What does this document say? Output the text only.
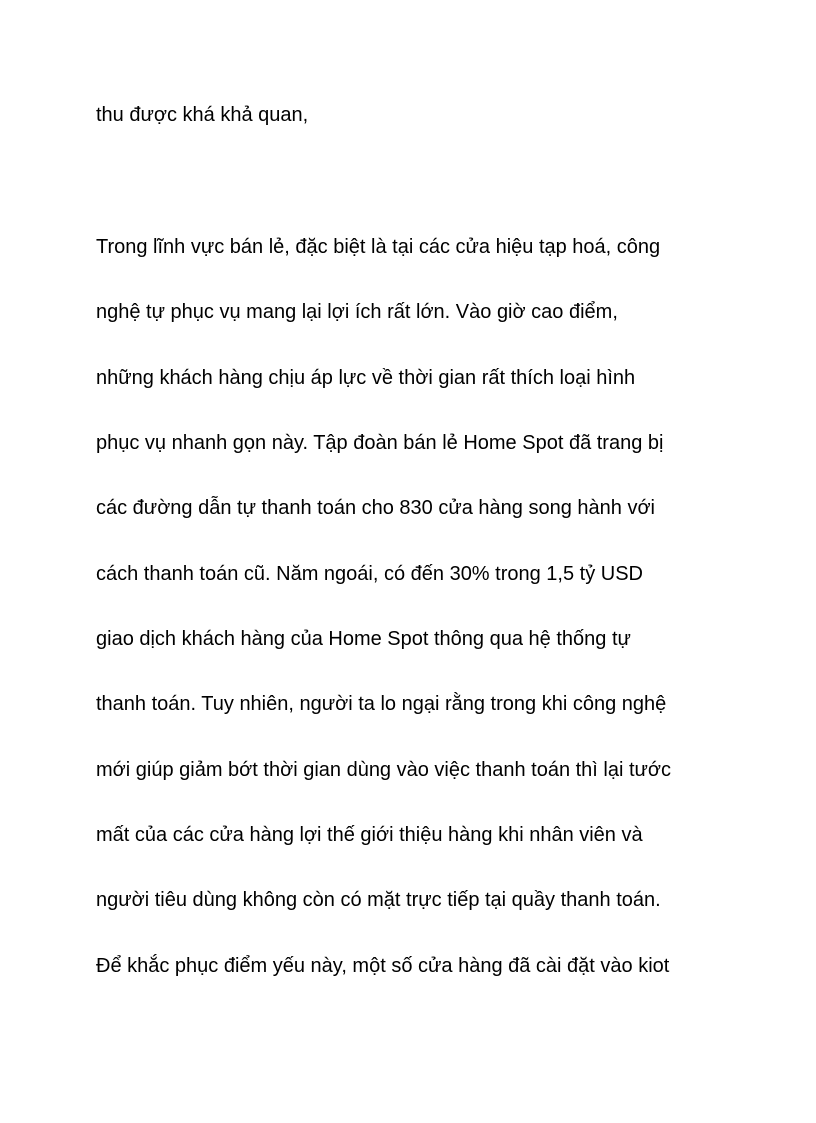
thu được khá khả quan,

Trong lĩnh vực bán lẻ, đặc biệt là tại các cửa hiệu tạp hoá, công

nghệ tự phục vụ mang lại lợi ích rất lớn. Vào giờ cao điểm,

những khách hàng chịu áp lực về thời gian rất thích loại hình

phục vụ nhanh gọn này. Tập đoàn bán lẻ Home Spot đã trang bị

các đường dẫn tự thanh toán cho 830 cửa hàng song hành với

cách thanh toán cũ. Năm ngoái, có đến 30% trong 1,5 tỷ USD

giao dịch khách hàng của Home Spot thông qua hệ thống tự

thanh toán. Tuy nhiên, người ta lo ngại rằng trong khi công nghệ

mới giúp giảm bớt thời gian dùng vào việc thanh toán thì lại tước

mất của các cửa hàng lợi thế giới thiệu hàng khi nhân viên và

người tiêu dùng không còn có mặt trực tiếp tại quầy thanh toán.

Để khắc phục điểm yếu này, một số cửa hàng đã cài đặt vào kiot
